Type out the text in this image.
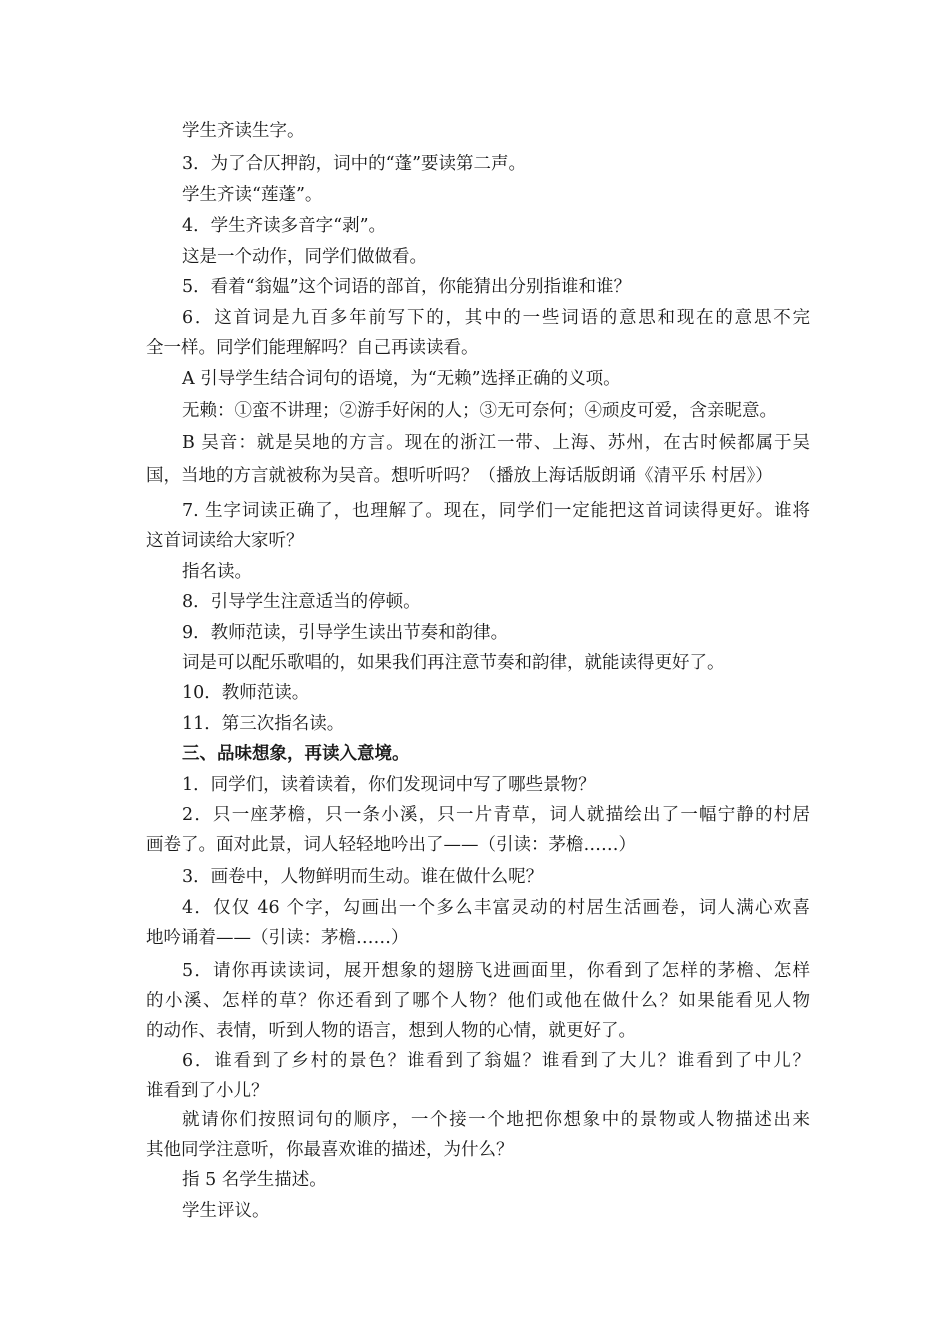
学生齐读生字。
3．为了合仄押韵，词中的“蓬”要读第二声。
学生齐读“莲蓬”。
4．学生齐读多音字“剥”。
这是一个动作，同学们做做看。
5．看着“翁媪”这个词语的部首，你能猜出分别指谁和谁？
6．这首词是九百多年前写下的，其中的一些词语的意思和现在的意思不完
全一样。同学们能理解吗？自己再读读看。
A 引导学生结合词句的语境，为“无赖”选择正确的义项。
无赖：①蛮不讲理；②游手好闲的人；③无可奈何；④顽皮可爱，含亲昵意。
B 吴音：就是吴地的方言。现在的浙江一带、上海、苏州，在古时候都属于吴
国，当地的方言就被称为吴音。想听听吗？（播放上海话版朗诵《清平乐 村居》）
7. 生字词读正确了，也理解了。现在，同学们一定能把这首词读得更好。谁将
这首词读给大家听？
指名读。
8．引导学生注意适当的停顿。
9．教师范读，引导学生读出节奏和韵律。
词是可以配乐歌唱的，如果我们再注意节奏和韵律，就能读得更好了。
10．教师范读。
11．第三次指名读。
三、品味想象，再读入意境。
1．同学们，读着读着，你们发现词中写了哪些景物？
2．只一座茅檐，只一条小溪，只一片青草，词人就描绘出了一幅宁静的村居
画卷了。面对此景，词人轻轻地吟出了——（引读：茅檐……）
3．画卷中，人物鲜明而生动。谁在做什么呢？
4．仅仅 46 个字，勾画出一个多么丰富灵动的村居生活画卷，词人满心欢喜
地吟诵着——（引读：茅檐……）
5．请你再读读词，展开想象的翅膀飞进画面里，你看到了怎样的茅檐、怎样
的小溪、怎样的草？你还看到了哪个人物？他们或他在做什么？如果能看见人物
的动作、表情，听到人物的语言，想到人物的心情，就更好了。
6．谁看到了乡村的景色？谁看到了翁媪？谁看到了大儿？谁看到了中儿？
谁看到了小儿？
就请你们按照词句的顺序，一个接一个地把你想象中的景物或人物描述出来
其他同学注意听，你最喜欢谁的描述，为什么？
指 5 名学生描述。
学生评议。
